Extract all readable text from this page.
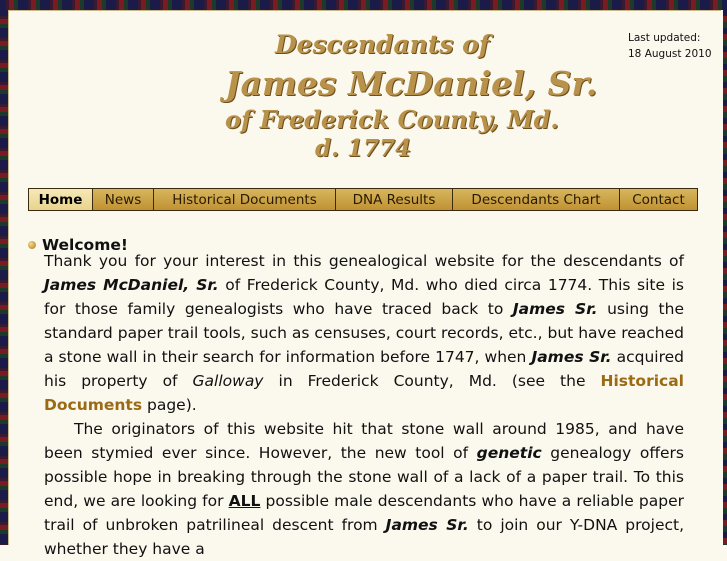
Descendants of
James McDaniel, Sr.
of Frederick County, Md.
d. 1774
Last updated:
18 August 2010
Home	News	Historical Documents	DNA Results	Descendants Chart	Contact
Welcome!

Thank you for your interest in this genealogical website for the descendants of James McDaniel, Sr. of Frederick County, Md. who died circa 1774. This site is for those family genealogists who have traced back to James Sr. using the standard paper trail tools, such as censuses, court records, etc., but have reached a stone wall in their search for information before 1747, when James Sr. acquired his property of Galloway in Frederick County, Md. (see the Historical Documents page).

The originators of this website hit that stone wall around 1985, and have been stymied ever since. However, the new tool of genetic genealogy offers possible hope in breaking through the stone wall of a lack of a paper trail. To this end, we are looking for ALL possible male descendants who have a reliable paper trail of unbroken patrilineal descent from James Sr. to join our Y-DNA project, whether they have a
